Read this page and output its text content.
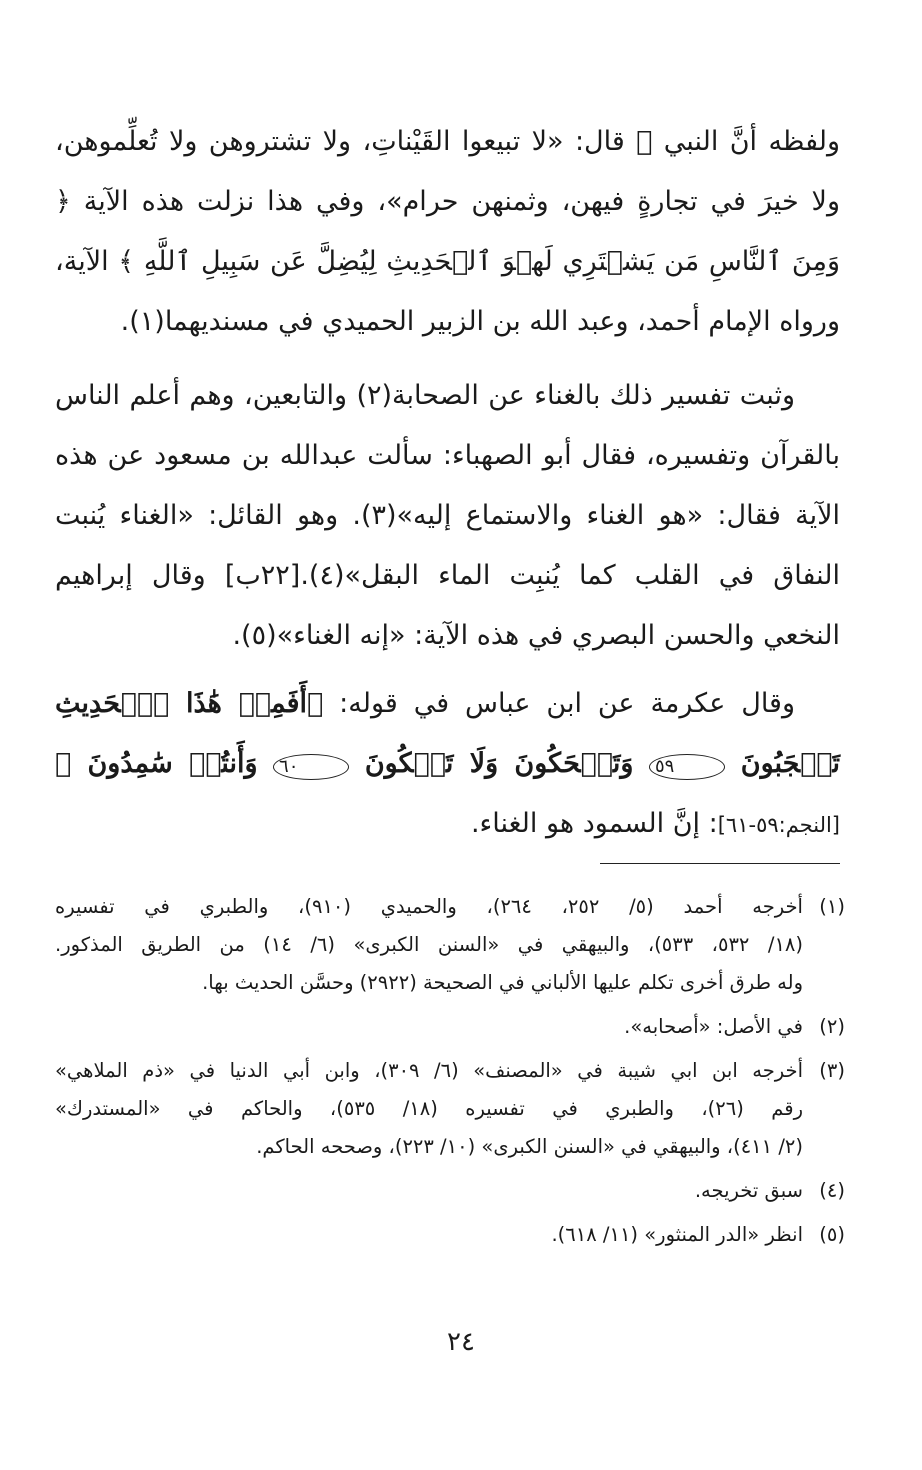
ولفظه أنَّ النبي ﷺ قال: «لا تبيعوا القَيْناتِ، ولا تشتروهن ولا تُعلِّموهن، ولا خيرَ في تجارةٍ فيهن، وثمنهن حرام»، وفي هذا نزلت هذه الآية ﴿ وَمِنَ ٱلنَّاسِ مَن يَشۡتَرِي لَهۡوَ ٱلۡحَدِيثِ لِيُضِلَّ عَن سَبِيلِ ٱللَّهِ ﴾ الآية، ورواه الإمام أحمد، وعبد الله بن الزبير الحميدي في مسنديهما(١).

وثبت تفسير ذلك بالغناء عن الصحابة(٢) والتابعين، وهم أعلم الناس بالقرآن وتفسيره، فقال أبو الصهباء: سألت عبدالله بن مسعود عن هذه الآية فقال: «هو الغناء والاستماع إليه»(٣). وهو القائل: «الغناء يُنبت النفاق في القلب كما يُنبِت الماء البقل»(٤).[٢٢ب] وقال إبراهيم النخعي والحسن البصري في هذه الآية: «إنه الغناء»(٥).

وقال عكرمة عن ابن عباس في قوله: ﴿أَفَمِنۡ هَٰذَا ٱلۡحَدِيثِ تَعۡجَبُونَ ٥٩ وَتَضۡحَكُونَ وَلَا تَبۡكُونَ ٦٠ وَأَنتُمۡ سَٰمِدُونَ ﴾ [النجم:٥٩-٦١]: إنَّ السمود هو الغناء.

(١)
أخرجه أحمد (٥/ ٢٥٢، ٢٦٤)، والحميدي (٩١٠)، والطبري في تفسيره
(١٨/ ٥٣٢، ٥٣٣)، والبيهقي في «السنن الكبرى» (٦/ ١٤) من الطريق المذكور.
وله طرق أخرى تكلم عليها الألباني في الصحيحة (٢٩٢٢) وحسَّن الحديث بها.
(٢)
في الأصل: «أصحابه».
(٣)
أخرجه ابن ابي شيبة في «المصنف» (٦/ ٣٠٩)، وابن أبي الدنيا في «ذم الملاهي»
رقم (٢٦)، والطبري في تفسيره (١٨/ ٥٣٥)، والحاكم في «المستدرك»
(٢/ ٤١١)، والبيهقي في «السنن الكبرى» (١٠/ ٢٢٣)، وصححه الحاكم.
(٤)
سبق تخريجه.
(٥)
انظر «الدر المنثور» (١١/ ٦١٨).
٢٤
